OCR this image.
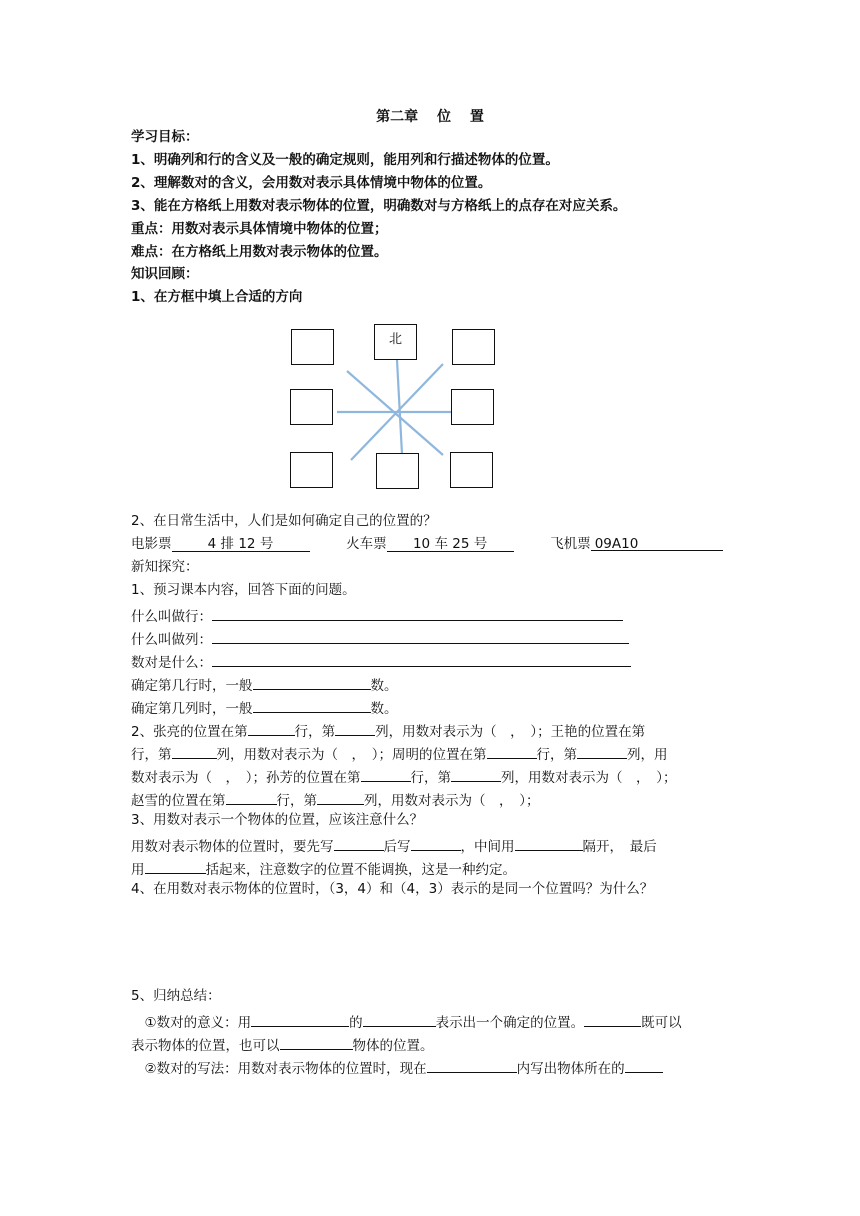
第二章　 位　 置
学习目标：
1、明确列和行的含义及一般的确定规则，能用列和行描述物体的位置。
2、理解数对的含义，会用数对表示具体情境中物体的位置。
3、能在方格纸上用数对表示物体的位置，明确数对与方格纸上的点存在对应关系。
重点：用数对表示具体情境中物体的位置；
难点：在方格纸上用数对表示物体的位置。
知识回顾：
1、在方框中填上合适的方向
北
2、在日常生活中，人们是如何确定自己的位置的？
电影票	4 排 12 号	火车票 10 车 25 号	飞机票 09A10
新知探究：
1、预习课本内容，回答下面的问题。
什么叫做行：
什么叫做列：
数对是什么：
确定第几行时，一般	数。
确定第几列时，一般	数。
2、张亮的位置在第	行，第	列，用数对表示为（　，　）；王艳的位置在第
行，第	列，用数对表示为（　，　）；周明的位置在第	行，第	列，用
数对表示为（　，　）；孙芳的位置在第	行，第	列，用数对表示为（　，　）；
赵雪的位置在第	行，第	列，用数对表示为（　，　）；
3、用数对表示一个物体的位置，应该注意什么？
用数对表示物体的位置时，要先写	后写	，中间用	隔开，　最后
用	括起来，注意数字的位置不能调换，这是一种约定。
4、在用数对表示物体的位置时，（3，4）和（4，3）表示的是同一个位置吗？为什么？
5、归纳总结：
　①数对的意义：用	的	表示出一个确定的位置。	既可以
表示物体的位置，也可以	物体的位置。
　②数对的写法：用数对表示物体的位置时，现在	内写出物体所在的
